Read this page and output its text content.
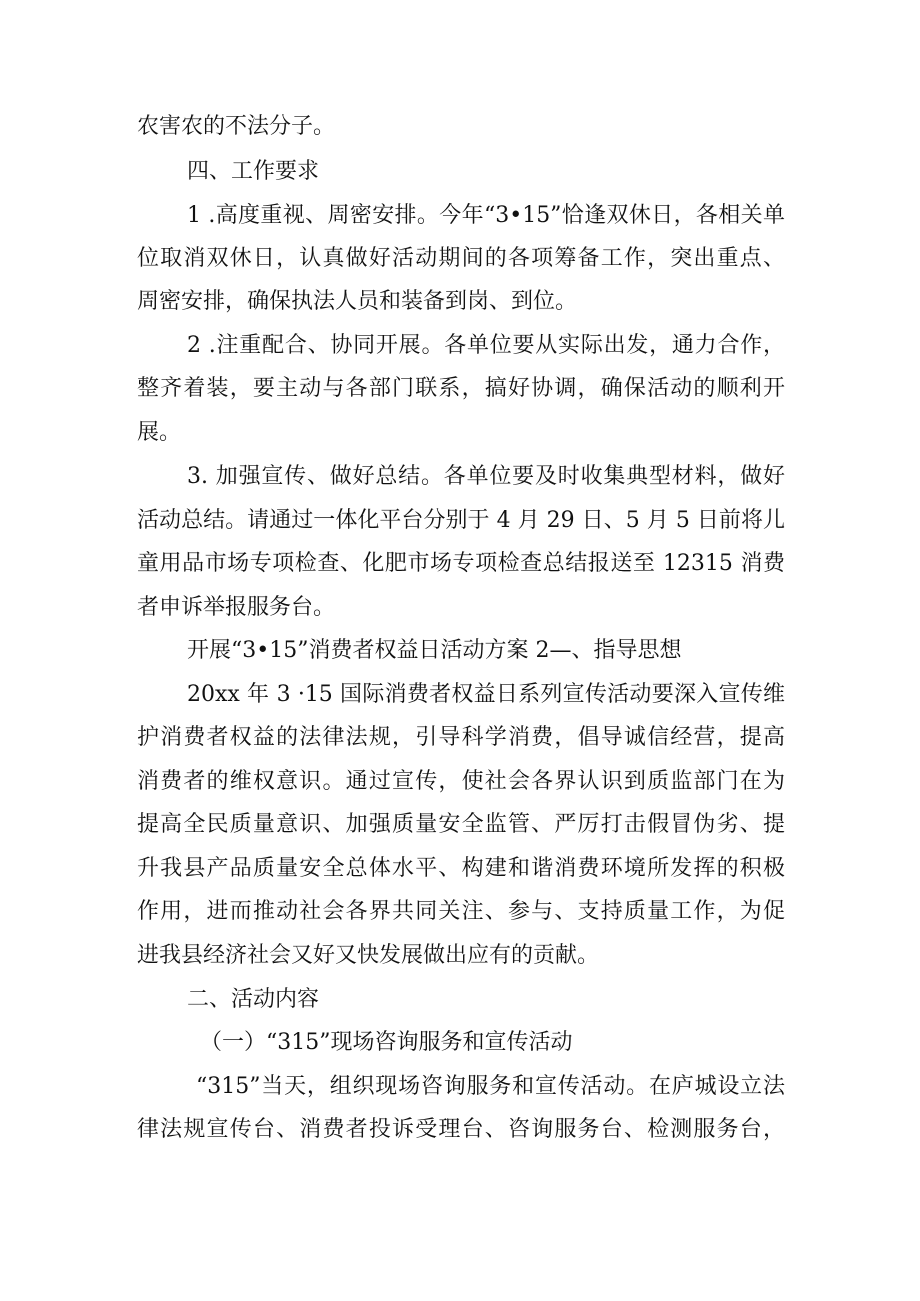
农害农的不法分子。
四、工作要求
1 .高度重视、周密安排。今年“3•15”恰逢双休日，各相关单
位取消双休日，认真做好活动期间的各项筹备工作，突出重点、
周密安排，确保执法人员和装备到岗、到位。
2 .注重配合、协同开展。各单位要从实际出发，通力合作，
整齐着装，要主动与各部门联系，搞好协调，确保活动的顺利开
展。
3. 加强宣传、做好总结。各单位要及时收集典型材料，做好
活动总结。请通过一体化平台分别于 4 月 29 日、5 月 5 日前将儿
童用品市场专项检查、化肥市场专项检查总结报送至 12315 消费
者申诉举报服务台。
开展“3•15”消费者权益日活动方案 2—、指导思想
20xx 年 3 ·15 国际消费者权益日系列宣传活动要深入宣传维
护消费者权益的法律法规，引导科学消费，倡导诚信经营，提高
消费者的维权意识。通过宣传，使社会各界认识到质监部门在为
提高全民质量意识、加强质量安全监管、严厉打击假冒伪劣、提
升我县产品质量安全总体水平、构建和谐消费环境所发挥的积极
作用，进而推动社会各界共同关注、参与、支持质量工作，为促
进我县经济社会又好又快发展做出应有的贡献。
二、活动内容
（一）“315”现场咨询服务和宣传活动
“315”当天，组织现场咨询服务和宣传活动。在庐城设立法
律法规宣传台、消费者投诉受理台、咨询服务台、检测服务台，
